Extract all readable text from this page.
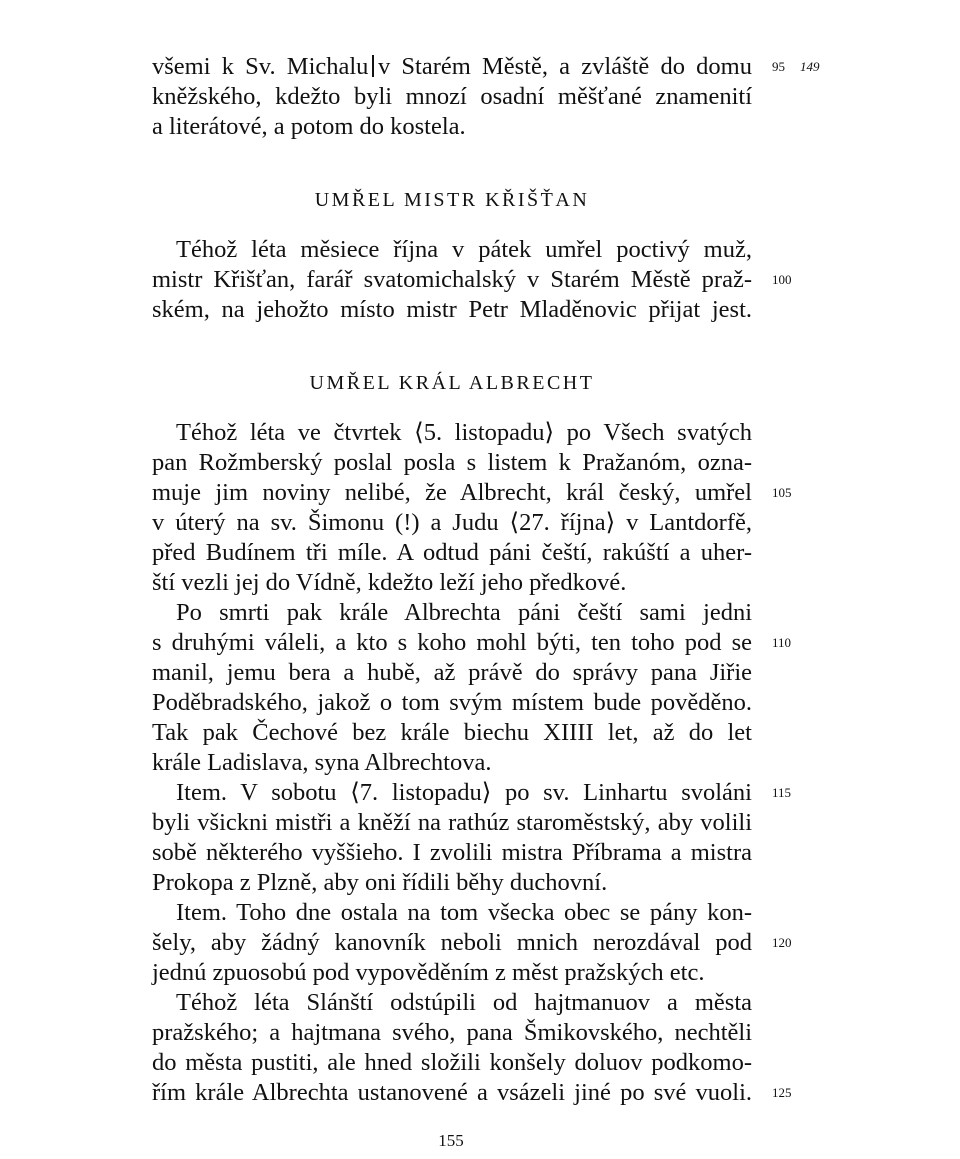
všemi k Sv. Michalu v Starém Městě, a zvláště do domu 95 149
kněžského, kdežto byli mnozí osadní měšťané znamenití
a literátové, a potom do kostela.
UMŘEL MISTR KŘIŠŤAN
Téhož léta měsiece října v pátek umřel poctivý muž,
mistr Křišťan, farář svatomichalský v Starém Městě praž- 100
ském, na jehožto místo mistr Petr Mladěnovic přijat jest.
UMŘEL KRÁL ALBRECHT
Téhož léta ve čtvrtek ⟨5. listopadu⟩ po Všech svatých
pan Rožmberský poslal posla s listem k Pražanóm, ozna-
muje jim noviny nelibé, že Albrecht, král český, umřel 105
v úterý na sv. Šimonu (!) a Judu ⟨27. října⟩ v Lantdorfě,
před Budínem tři míle. A odtud páni čeští, rakúští a uher-
ští vezli jej do Vídně, kdežto leží jeho předkové.
Po smrti pak krále Albrechta páni čeští sami jedni
s druhými váleli, a kto s koho mohl býti, ten toho pod se 110
manil, jemu bera a hubě, až právě do správy pana Jiřie
Poděbradského, jakož o tom svým místem bude pověděno.
Tak pak Čechové bez krále biechu XIIII let, až do let
krále Ladislava, syna Albrechtova.
Item. V sobotu ⟨7. listopadu⟩ po sv. Linhartu svoláni 115
byli všickni mistři a kněží na rathúz staroměstský, aby volili
sobě některého vyššieho. I zvolili mistra Příbrama a mistra
Prokopa z Plzně, aby oni řídili běhy duchovní.
Item. Toho dne ostala na tom všecka obec se pány kon-
šely, aby žádný kanovník neboli mnich nerozdával pod 120
jednú zpuosobú pod vypověděním z měst pražských etc.
Téhož léta Slánští odstúpili od hajtmanuov a města
pražského; a hajtmana svého, pana Šmikovského, nechtěli
do města pustiti, ale hned složili konšely doluov podkomo-
řím krále Albrechta ustanovené a vsázeli jiné po své vuoli. 125
155
